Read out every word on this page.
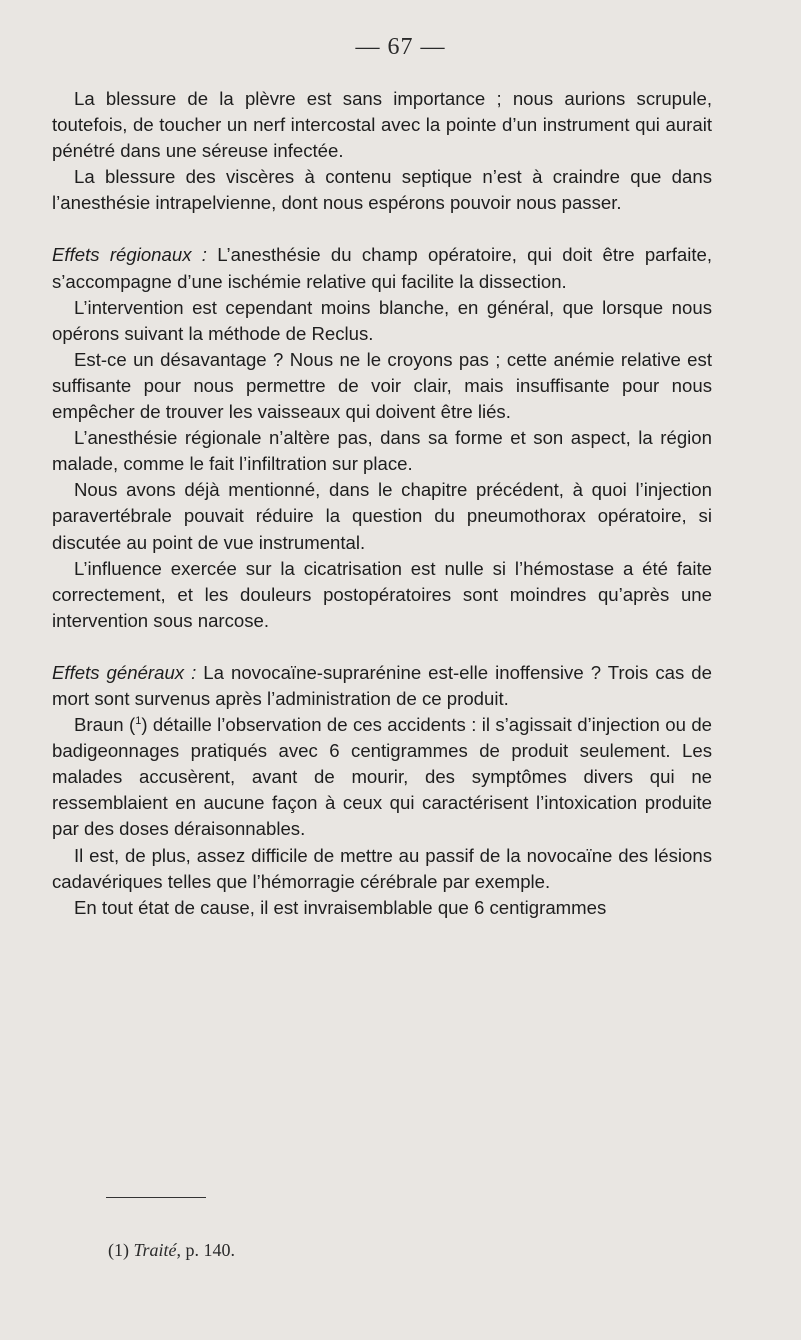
— 67 —

La blessure de la plèvre est sans importance ; nous aurions scrupule, toutefois, de toucher un nerf intercostal avec la pointe d’un instrument qui aurait pénétré dans une séreuse infectée.

La blessure des viscères à contenu septique n’est à craindre que dans l’anesthésie intrapelvienne, dont nous espérons pouvoir nous passer.

Effets régionaux : L’anesthésie du champ opératoire, qui doit être parfaite, s’accompagne d’une ischémie relative qui facilite la dissection.

L’intervention est cependant moins blanche, en général, que lorsque nous opérons suivant la méthode de Reclus.

Est-ce un désavantage ? Nous ne le croyons pas ; cette anémie relative est suffisante pour nous permettre de voir clair, mais insuffisante pour nous empêcher de trouver les vaisseaux qui doivent être liés.

L’anesthésie régionale n’altère pas, dans sa forme et son aspect, la région malade, comme le fait l’infiltration sur place.

Nous avons déjà mentionné, dans le chapitre précédent, à quoi l’injection paravertébrale pouvait réduire la question du pneumothorax opératoire, si discutée au point de vue instrumental.

L’influence exercée sur la cicatrisation est nulle si l’hémostase a été faite correctement, et les douleurs postopératoires sont moindres qu’après une intervention sous narcose.

Effets généraux : La novocaïne-suprarénine est-elle inoffensive ? Trois cas de mort sont survenus après l’administration de ce produit.

Braun ($^1$) détaille l’observation de ces accidents : il s’agissait d’injection ou de badigeonnages pratiqués avec 6 centigrammes de produit seulement. Les malades accusèrent, avant de mourir, des symptômes divers qui ne ressemblaient en aucune façon à ceux qui caractérisent l’intoxication produite par des doses déraisonnables.

Il est, de plus, assez difficile de mettre au passif de la novocaïne des lésions cadavériques telles que l’hémorragie cérébrale par exemple.

En tout état de cause, il est invraisemblable que 6 centigrammes

(1) Traité, p. 140.
